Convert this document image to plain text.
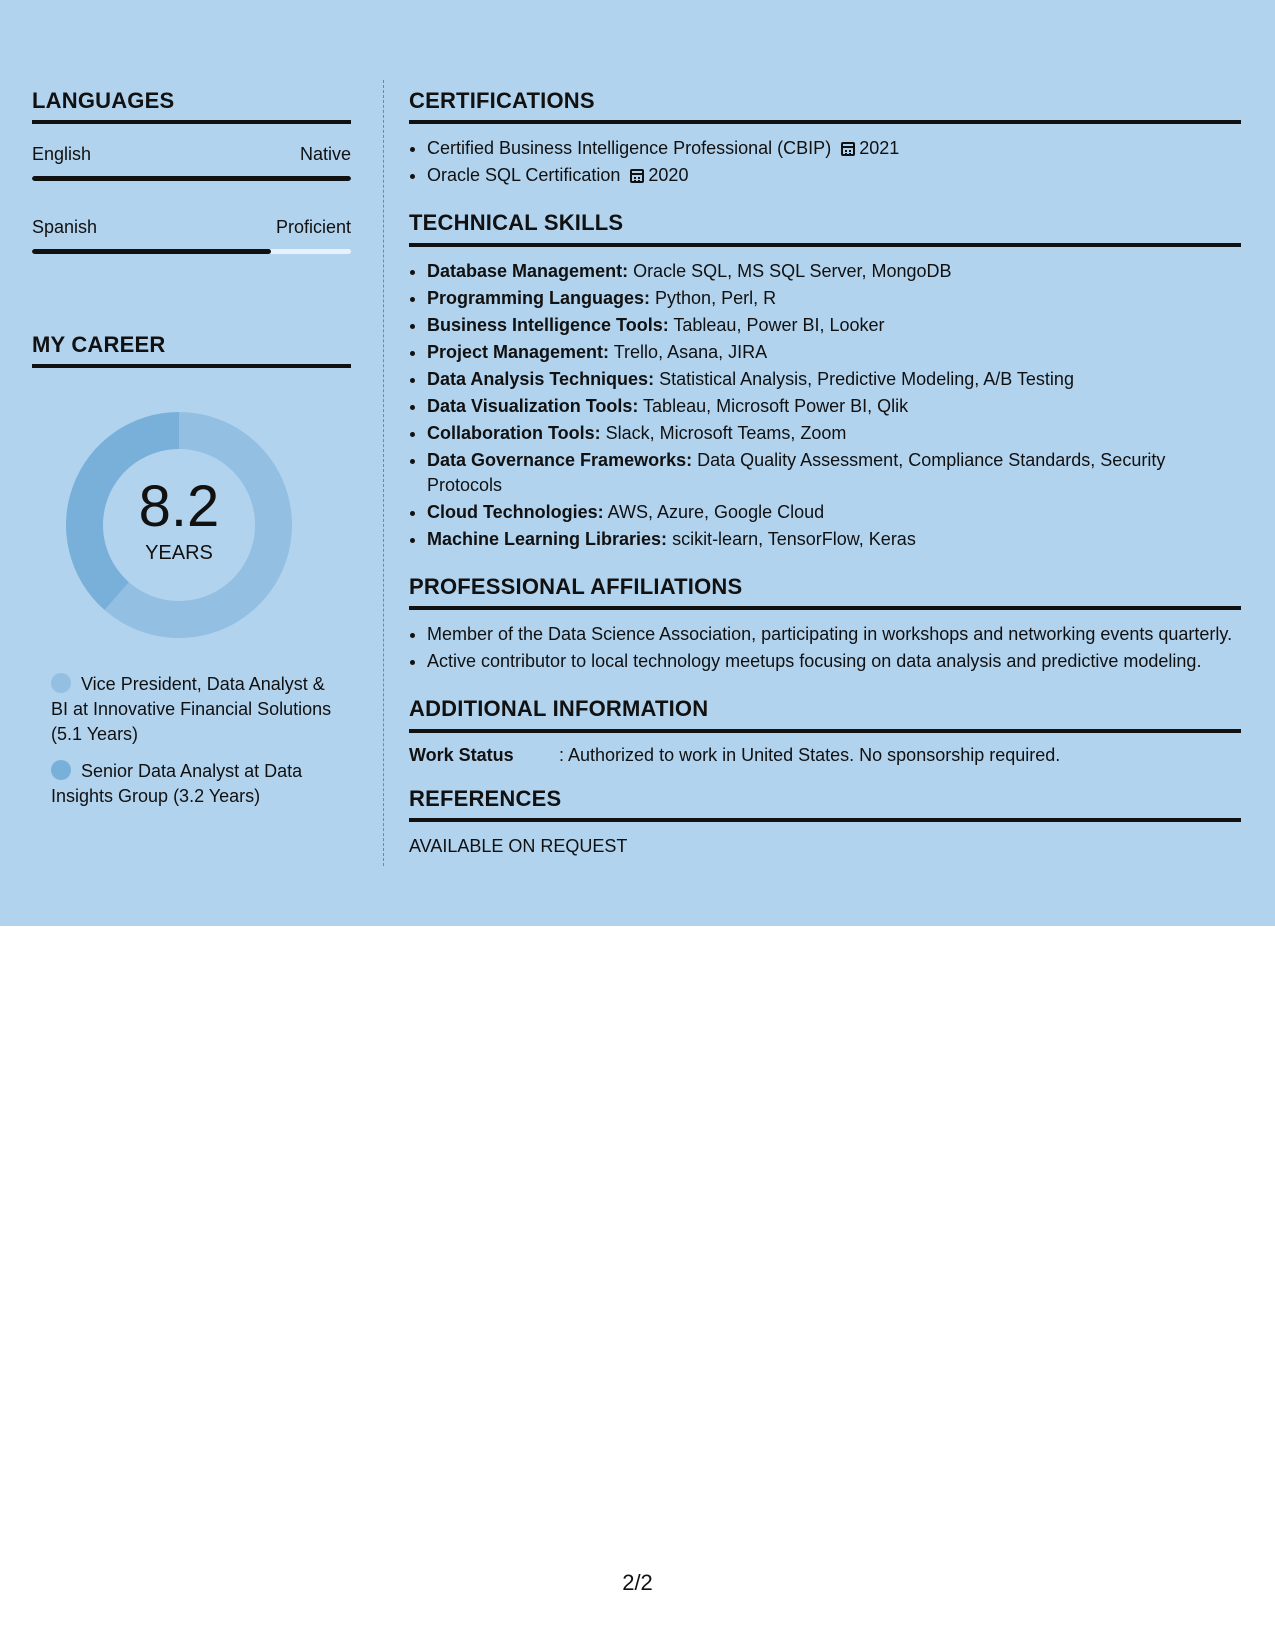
LANGUAGES
English	Native
Spanish	Proficient
MY CAREER
8.2
YEARS
Vice President, Data Analyst & BI at Innovative Financial Solutions (5.1 Years)
Senior Data Analyst at Data Insights Group (3.2 Years)
CERTIFICATIONS
• Certified Business Intelligence Professional (CBIP) 2021
• Oracle SQL Certification 2020
TECHNICAL SKILLS
• Database Management: Oracle SQL, MS SQL Server, MongoDB
• Programming Languages: Python, Perl, R
• Business Intelligence Tools: Tableau, Power BI, Looker
• Project Management: Trello, Asana, JIRA
• Data Analysis Techniques: Statistical Analysis, Predictive Modeling, A/B Testing
• Data Visualization Tools: Tableau, Microsoft Power BI, Qlik
• Collaboration Tools: Slack, Microsoft Teams, Zoom
• Data Governance Frameworks: Data Quality Assessment, Compliance Standards, Security Protocols
• Cloud Technologies: AWS, Azure, Google Cloud
• Machine Learning Libraries: scikit-learn, TensorFlow, Keras
PROFESSIONAL AFFILIATIONS
• Member of the Data Science Association, participating in workshops and networking events quarterly.
• Active contributor to local technology meetups focusing on data analysis and predictive modeling.
ADDITIONAL INFORMATION
Work Status	: Authorized to work in United States. No sponsorship required.
REFERENCES
AVAILABLE ON REQUEST
2/2
